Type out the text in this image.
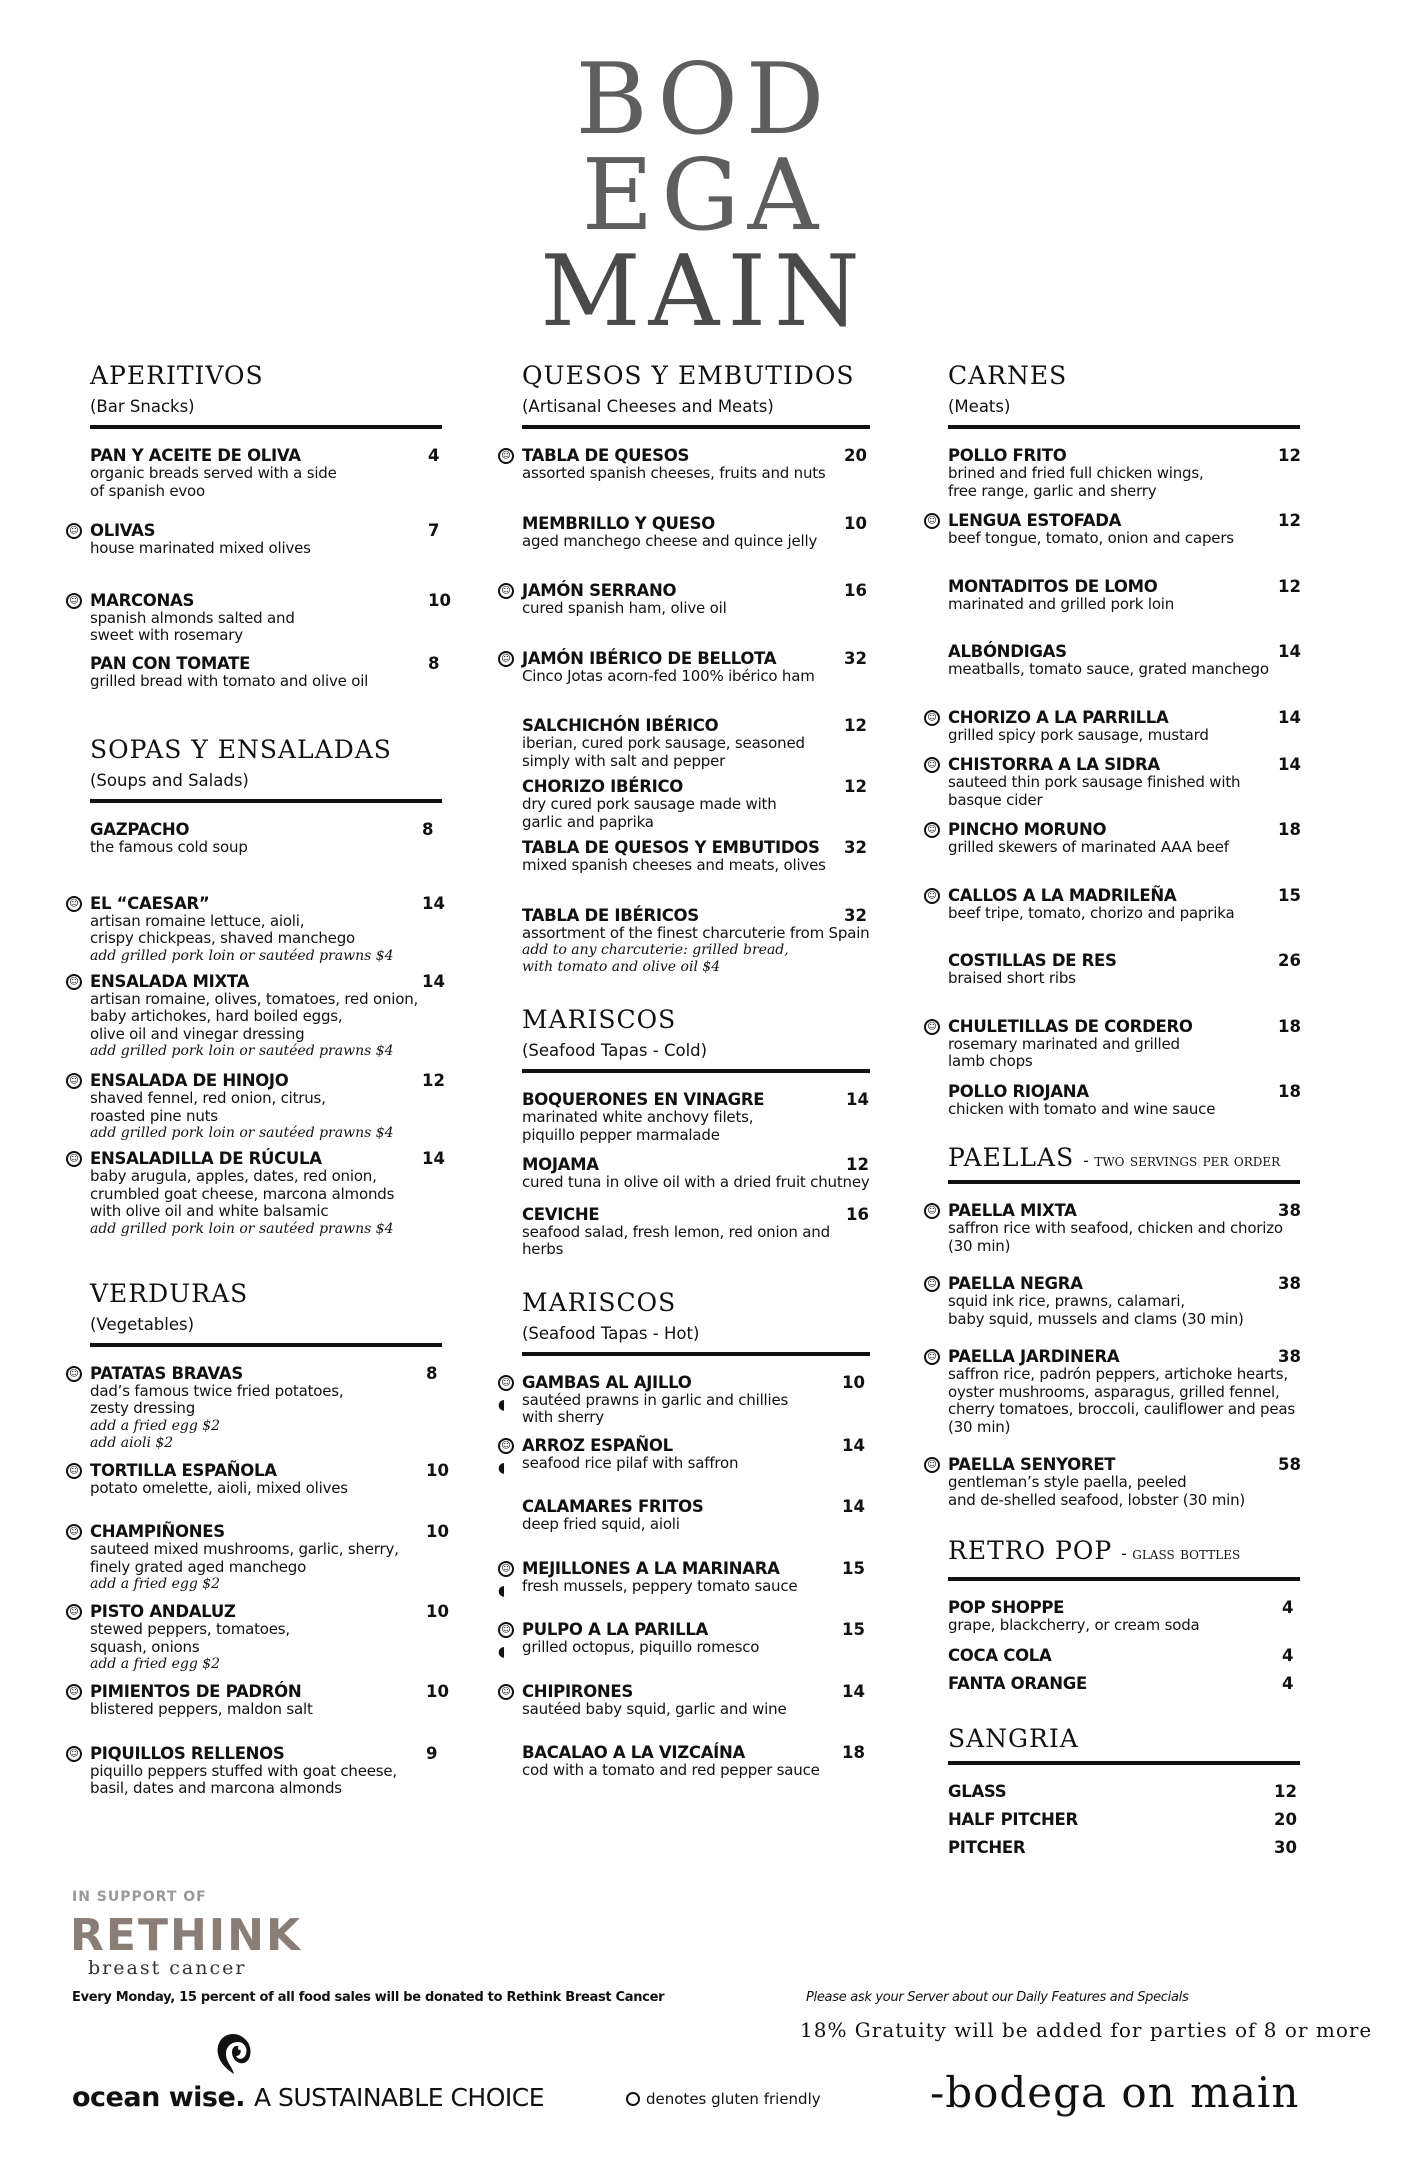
BOD
EGA
MAIN
APERITIVOS
(Bar Snacks)
PAN Y ACEITE DE OLIVA	4
organic breads served with a side
of spanish evoo
☺ OLIVAS	7
house marinated mixed olives
☺ MARCONAS	10
spanish almonds salted and
sweet with rosemary
PAN CON TOMATE	8
grilled bread with tomato and olive oil
SOPAS Y ENSALADAS
(Soups and Salads)
GAZPACHO	8
the famous cold soup
☺ EL “CAESAR”	14
artisan romaine lettuce, aioli,
crispy chickpeas, shaved manchego
add grilled pork loin or sautéed prawns $4
☺ ENSALADA MIXTA	14
artisan romaine, olives, tomatoes, red onion,
baby artichokes, hard boiled eggs,
olive oil and vinegar dressing
add grilled pork loin or sautéed prawns $4
☺ ENSALADA DE HINOJO	12
shaved fennel, red onion, citrus,
roasted pine nuts
add grilled pork loin or sautéed prawns $4
☺ ENSALADILLA DE RÚCULA	14
baby arugula, apples, dates, red onion,
crumbled goat cheese, marcona almonds
with olive oil and white balsamic
add grilled pork loin or sautéed prawns $4
VERDURAS
(Vegetables)
☺ PATATAS BRAVAS	8
dad’s famous twice fried potatoes,
zesty dressing
add a fried egg $2
add aioli $2
☺ TORTILLA ESPAÑOLA	10
potato omelette, aioli, mixed olives
☺ CHAMPIÑONES	10
sauteed mixed mushrooms, garlic, sherry,
finely grated aged manchego
add a fried egg $2
☺ PISTO ANDALUZ	10
stewed peppers, tomatoes,
squash, onions
add a fried egg $2
☺ PIMIENTOS DE PADRÓN	10
blistered peppers, maldon salt
☺ PIQUILLOS RELLENOS	9
piquillo peppers stuffed with goat cheese,
basil, dates and marcona almonds
QUESOS Y EMBUTIDOS
(Artisanal Cheeses and Meats)
☺ TABLA DE QUESOS	20
assorted spanish cheeses, fruits and nuts
MEMBRILLO Y QUESO	10
aged manchego cheese and quince jelly
☺ JAMÓN SERRANO	16
cured spanish ham, olive oil
☺ JAMÓN IBÉRICO DE BELLOTA	32
Cinco Jotas acorn-fed 100% ibérico ham
SALCHICHÓN IBÉRICO	12
iberian, cured pork sausage, seasoned
simply with salt and pepper
CHORIZO IBÉRICO	12
dry cured pork sausage made with
garlic and paprika
TABLA DE QUESOS Y EMBUTIDOS	32
mixed spanish cheeses and meats, olives
TABLA DE IBÉRICOS	32
assortment of the finest charcuterie from Spain
add to any charcuterie: grilled bread,
with tomato and olive oil $4
MARISCOS
(Seafood Tapas - Cold)
BOQUERONES EN VINAGRE	14
marinated white anchovy filets,
piquillo pepper marmalade
MOJAMA	12
cured tuna in olive oil with a dried fruit chutney
CEVICHE	16
seafood salad, fresh lemon, red onion and herbs
MARISCOS
(Seafood Tapas - Hot)
☺
◖
GAMBAS AL AJILLO	10
sautéed prawns in garlic and chillies
with sherry
☺
◖
ARROZ ESPAÑOL	14
seafood rice pilaf with saffron
CALAMARES FRITOS	14
deep fried squid, aioli
☺
◖
MEJILLONES A LA MARINARA	15
fresh mussels, peppery tomato sauce
☺
◖
PULPO A LA PARILLA	15
grilled octopus, piquillo romesco
☺ CHIPIRONES	14
sautéed baby squid, garlic and wine
BACALAO A LA VIZCAÍNA	18
cod with a tomato and red pepper sauce
CARNES
(Meats)
POLLO FRITO	12
brined and fried full chicken wings,
free range, garlic and sherry
☺ LENGUA ESTOFADA	12
beef tongue, tomato, onion and capers
MONTADITOS DE LOMO	12
marinated and grilled pork loin
ALBÓNDIGAS	14
meatballs, tomato sauce, grated manchego
☺ CHORIZO A LA PARRILLA	14
grilled spicy pork sausage, mustard
☺ CHISTORRA A LA SIDRA	14
sauteed thin pork sausage finished with
basque cider
☺ PINCHO MORUNO	18
grilled skewers of marinated AAA beef
☺ CALLOS A LA MADRILEÑA	15
beef tripe, tomato, chorizo and paprika
COSTILLAS DE RES	26
braised short ribs
☺ CHULETILLAS DE CORDERO	18
rosemary marinated and grilled
lamb chops
POLLO RIOJANA	18
chicken with tomato and wine sauce
PAELLAS - two servings per order
☺ PAELLA MIXTA	38
saffron rice with seafood, chicken and chorizo (30 min)
☺ PAELLA NEGRA	38
squid ink rice, prawns, calamari,
baby squid, mussels and clams (30 min)
☺ PAELLA JARDINERA	38
saffron rice, padrón peppers, artichoke hearts,
oyster mushrooms, asparagus, grilled fennel,
cherry tomatoes, broccoli, cauliflower and peas (30 min)
☺ PAELLA SENYORET	58
gentleman’s style paella, peeled
and de-shelled seafood, lobster (30 min)
RETRO POP - glass bottles
POP SHOPPE	4
grape, blackcherry, or cream soda
COCA COLA	4
FANTA ORANGE	4
SANGRIA
GLASS	12
HALF PITCHER	20
PITCHER	30
IN SUPPORT OF
RETHINK
breast cancer
Every Monday, 15 percent of all food sales will be donated to Rethink Breast Cancer	Please ask your Server about our Daily Features and Specials
18% Gratuity will be added for parties of 8 or more
ocean wise. A SUSTAINABLE CHOICE	denotes gluten friendly	-bodega on main
